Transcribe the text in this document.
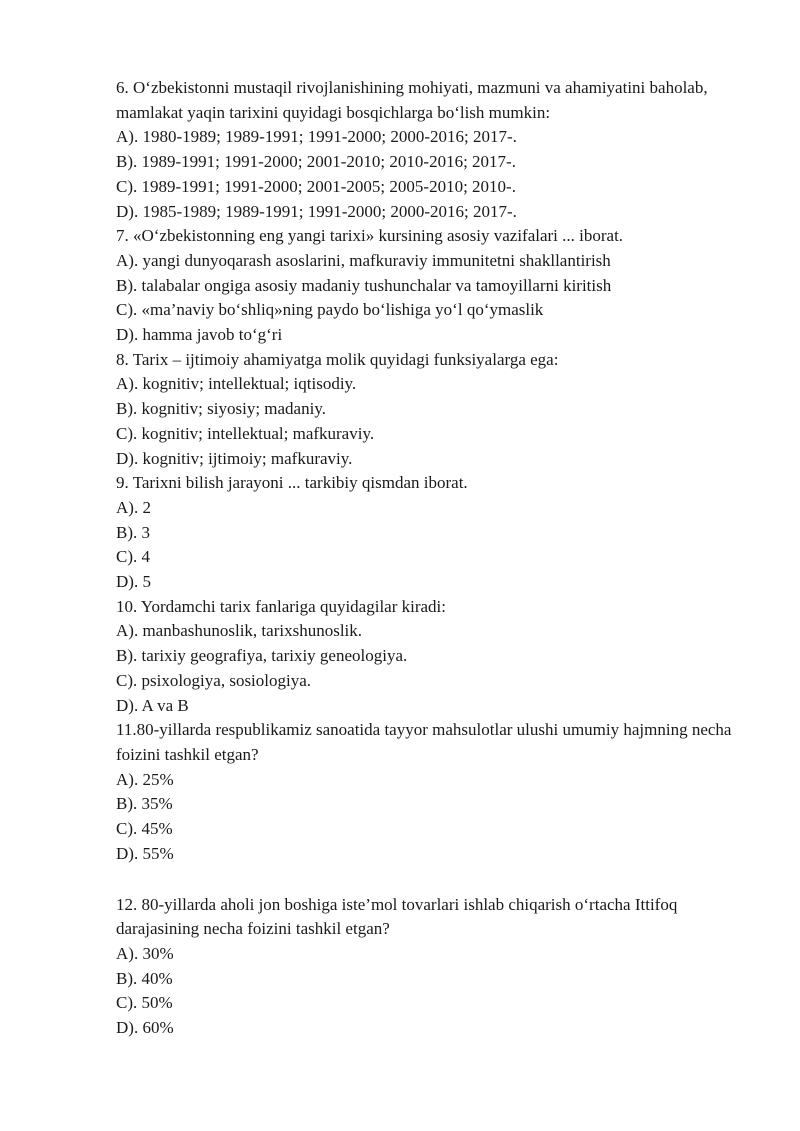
6. O‘zbekistonni mustaqil rivojlanishining mohiyati, mazmuni va ahamiyatini baholab, mamlakat yaqin tarixini quyidagi bosqichlarga bo‘lish mumkin:
A). 1980-1989; 1989-1991; 1991-2000; 2000-2016; 2017-.
B). 1989-1991; 1991-2000; 2001-2010; 2010-2016; 2017-.
C). 1989-1991; 1991-2000; 2001-2005; 2005-2010; 2010-.
D). 1985-1989; 1989-1991; 1991-2000; 2000-2016; 2017-.
7. «O‘zbekistonning eng yangi tarixi» kursining asosiy vazifalari ... iborat.
A). yangi dunyoqarash asoslarini, mafkuraviy immunitetni shakllantirish
B). talabalar ongiga asosiy madaniy tushunchalar va tamoyillarni kiritish
C). «ma’naviy bo‘shliq»ning paydo bo‘lishiga yo‘l qo‘ymaslik
D). hamma javob to‘g‘ri
8. Tarix – ijtimoiy ahamiyatga molik quyidagi funksiyalarga ega:
A). kognitiv; intellektual; iqtisodiy.
B). kognitiv; siyosiy; madaniy.
C). kognitiv; intellektual; mafkuraviy.
D). kognitiv; ijtimoiy; mafkuraviy.
9. Tarixni bilish jarayoni ... tarkibiy qismdan iborat.
A). 2
B). 3
C). 4
D). 5
10. Yordamchi tarix fanlariga quyidagilar kiradi:
A). manbashunoslik, tarixshunoslik.
B). tarixiy geografiya, tarixiy geneologiya.
C). psixologiya, sosiologiya.
D). A va B
11.80-yillarda respublikamiz sanoatida tayyor mahsulotlar ulushi umumiy hajmning necha foizini tashkil etgan?
A). 25%
B). 35%
C). 45%
D). 55%
12. 80-yillarda aholi jon boshiga iste’mol tovarlari ishlab chiqarish o‘rtacha Ittifoq darajasining necha foizini tashkil etgan?
A). 30%
B). 40%
C). 50%
D). 60%
